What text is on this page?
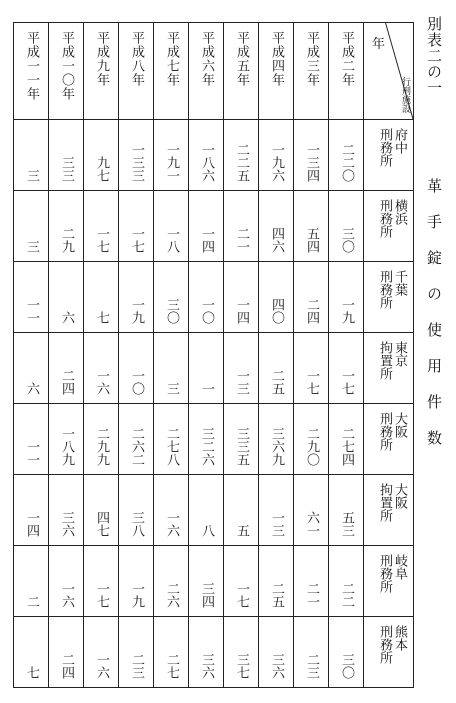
別表二の一
革手錠の使用件数
平成一一年	平成一〇年	平成九年	平成八年	平成七年	平成六年	平成五年	平成四年	平成三年	平成二年	年
行刑施設

三	三三	九七	一三三	一九一	一八六	二二五	一九六	一三四	二二〇	府中
刑務所

三	二九	一七	一七	一八	一四	二一	四六	五四	三〇	横浜
刑務所

一一	六	七	一九	三〇	一〇	一四	四〇	二四	一九	千葉
刑務所

六	二四	一六	一〇	三	一	一三	二五	一七	一七	東京
拘置所

一一	一八九	二九九	二六二	二七八	三二六	三三五	三六九	二九〇	二七四	大阪
刑務所

一四	三六	四七	三八	一六	八	五	一三	六一	五三	大阪
拘置所

二	一六	一七	一九	二六	三四	一七	二五	二一	二二	岐阜
刑務所

七	二四	一六	二三	二七	三六	三七	三六	二三	三〇	熊本
刑務所
